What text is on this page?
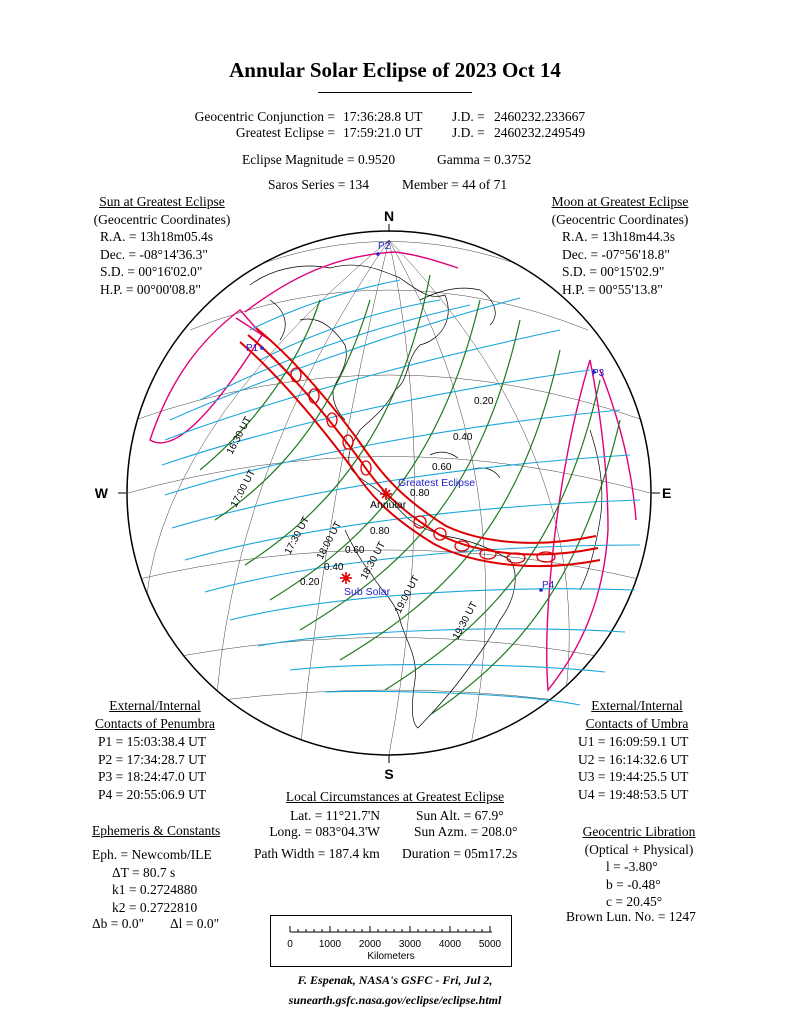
Annular Solar Eclipse of 2023 Oct 14
Geocentric Conjunction = 17:36:28.8 UT J.D. = 2460232.233667
Greatest Eclipse = 17:59:21.0 UT J.D. = 2460232.249549
Eclipse Magnitude = 0.9520	Gamma = 0.3752
Saros Series = 134 Member = 44 of 71
Sun at Greatest Eclipse
(Geocentric Coordinates)
R.A. = 13h18m05.4s
Dec. = -08°14'36.3"
S.D. = 00°16'02.0"
H.P. = 00°00'08.8"
Moon at Greatest Eclipse
(Geocentric Coordinates)
R.A. = 13h18m44.3s
Dec. = -07°56'18.8"
S.D. = 00°15'02.9"
H.P. = 00°55'13.8"
N
S
W	E
P1
P2
P3
P4
16:30 UT
17:00 UT
17:30 UT 18:00 UT 18:30 UT
19:00 UT
19:30 UT
0.20
0.40
0.60
0.80
0.80
0.60
0.40
0.20
Greatest Eclipse
Annular
Sub Solar
External/Internal
Contacts of Penumbra
P1 = 15:03:38.4 UT
P2 = 17:34:28.7 UT
P3 = 18:24:47.0 UT
P4 = 20:55:06.9 UT
External/Internal
Contacts of Umbra
U1 = 16:09:59.1 UT
U2 = 16:14:32.6 UT
U3 = 19:44:25.5 UT
U4 = 19:48:53.5 UT
Local Circumstances at Greatest Eclipse
Lat. = 11°21.7'N
Long. = 083°04.3'W
Sun Alt. = 67.9°
Sun Azm. = 208.0°
Path Width = 187.4 km Duration = 05m17.2s
Ephemeris & Constants
Eph. = Newcomb/ILE
ΔT = 80.7 s
k1 = 0.2724880
k2 = 0.2722810
Δb = 0.0" Δl = 0.0"
Geocentric Libration
(Optical + Physical)
l = -3.80°
b = -0.48°
c = 20.45°
Brown Lun. No. = 1247
0	1000 2000 3000 4000 5000
Kilometers
F. Espenak, NASA's GSFC - Fri, Jul 2,
sunearth.gsfc.nasa.gov/eclipse/eclipse.html
